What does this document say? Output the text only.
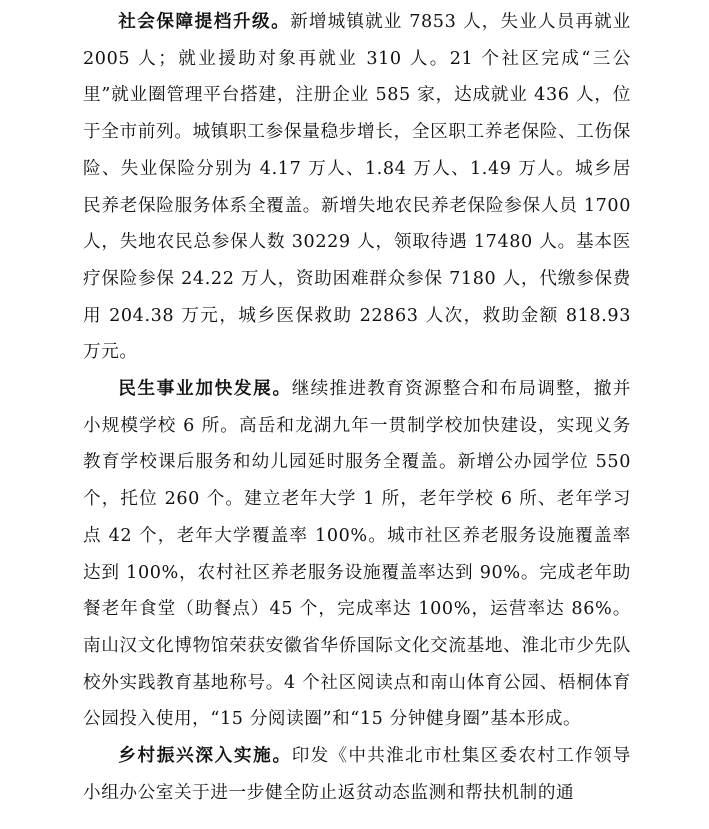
社会保障提档升级。新增城镇就业 7853 人，失业人员再就业 2005 人；就业援助对象再就业 310 人。21 个社区完成“三公里”就业圈管理平台搭建，注册企业 585 家，达成就业 436 人，位于全市前列。城镇职工参保量稳步增长，全区职工养老保险、工伤保险、失业保险分别为 4.17 万人、1.84 万人、1.49 万人。城乡居民养老保险服务体系全覆盖。新增失地农民养老保险参保人员 1700 人，失地农民总参保人数 30229 人，领取待遇 17480 人。基本医疗保险参保 24.22 万人，资助困难群众参保 7180 人，代缴参保费用 204.38 万元，城乡医保救助 22863 人次，救助金额 818.93 万元。

民生事业加快发展。继续推进教育资源整合和布局调整，撤并小规模学校 6 所。高岳和龙湖九年一贯制学校加快建设，实现义务教育学校课后服务和幼儿园延时服务全覆盖。新增公办园学位 550 个，托位 260 个。建立老年大学 1 所，老年学校 6 所、老年学习点 42 个，老年大学覆盖率 100%。城市社区养老服务设施覆盖率达到 100%，农村社区养老服务设施覆盖率达到 90%。完成老年助餐老年食堂（助餐点）45 个，完成率达 100%，运营率达 86%。南山汉文化博物馆荣获安徽省华侨国际文化交流基地、淮北市少先队校外实践教育基地称号。4 个社区阅读点和南山体育公园、梧桐体育公园投入使用，“15 分阅读圈”和“15 分钟健身圈”基本形成。

乡村振兴深入实施。印发《中共淮北市杜集区委农村工作领导小组办公室关于进一步健全防止返贫动态监测和帮扶机制的通
